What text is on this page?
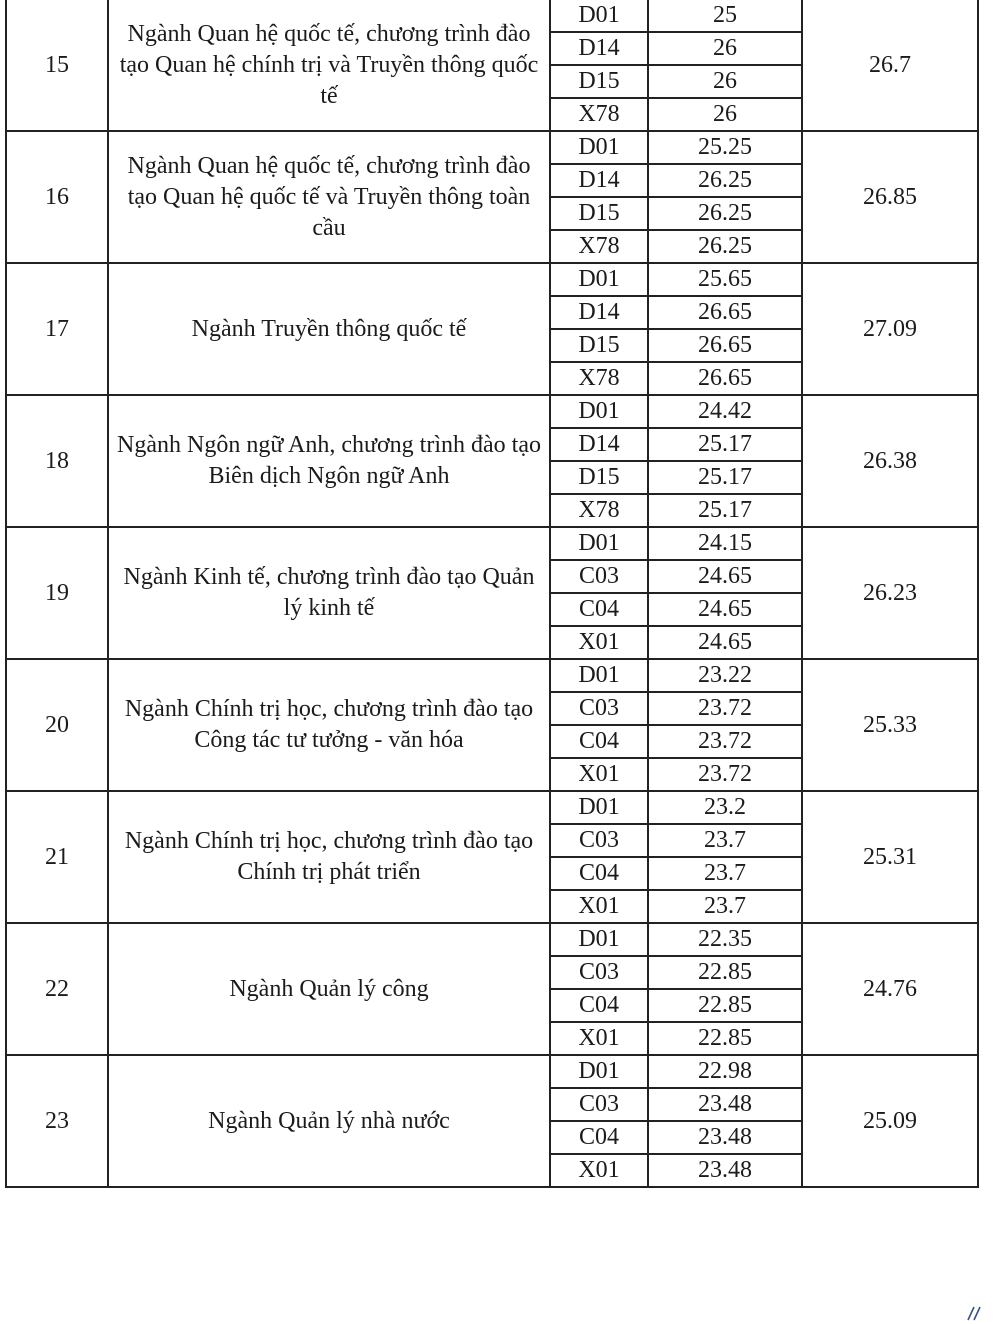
15	Ngành Quan hệ quốc tế, chương trình đào tạo Quan hệ chính trị và Truyền thông quốc tế	D01	25	26.7
		D14	26	
		D15	26	
		X78	26	
16	Ngành Quan hệ quốc tế, chương trình đào tạo Quan hệ quốc tế và Truyền thông toàn cầu	D01	25.25	26.85
		D14	26.25	
		D15	26.25	
		X78	26.25	
17	Ngành Truyền thông quốc tế	D01	25.65	27.09
		D14	26.65	
		D15	26.65	
		X78	26.65	
18	Ngành Ngôn ngữ Anh, chương trình đào tạo Biên dịch Ngôn ngữ Anh	D01	24.42	26.38
		D14	25.17	
		D15	25.17	
		X78	25.17	
19	Ngành Kinh tế, chương trình đào tạo Quản lý kinh tế	D01	24.15	26.23
		C03	24.65	
		C04	24.65	
		X01	24.65	
20	Ngành Chính trị học, chương trình đào tạo Công tác tư tưởng - văn hóa	D01	23.22	25.33
		C03	23.72	
		C04	23.72	
		X01	23.72	
21	Ngành Chính trị học, chương trình đào tạo Chính trị phát triển	D01	23.2	25.31
		C03	23.7	
		C04	23.7	
		X01	23.7	
22	Ngành Quản lý công	D01	22.35	24.76
		C03	22.85	
		C04	22.85	
		X01	22.85	
23	Ngành Quản lý nhà nước	D01	22.98	25.09
		C03	23.48	
		C04	23.48	
		X01	23.48	
